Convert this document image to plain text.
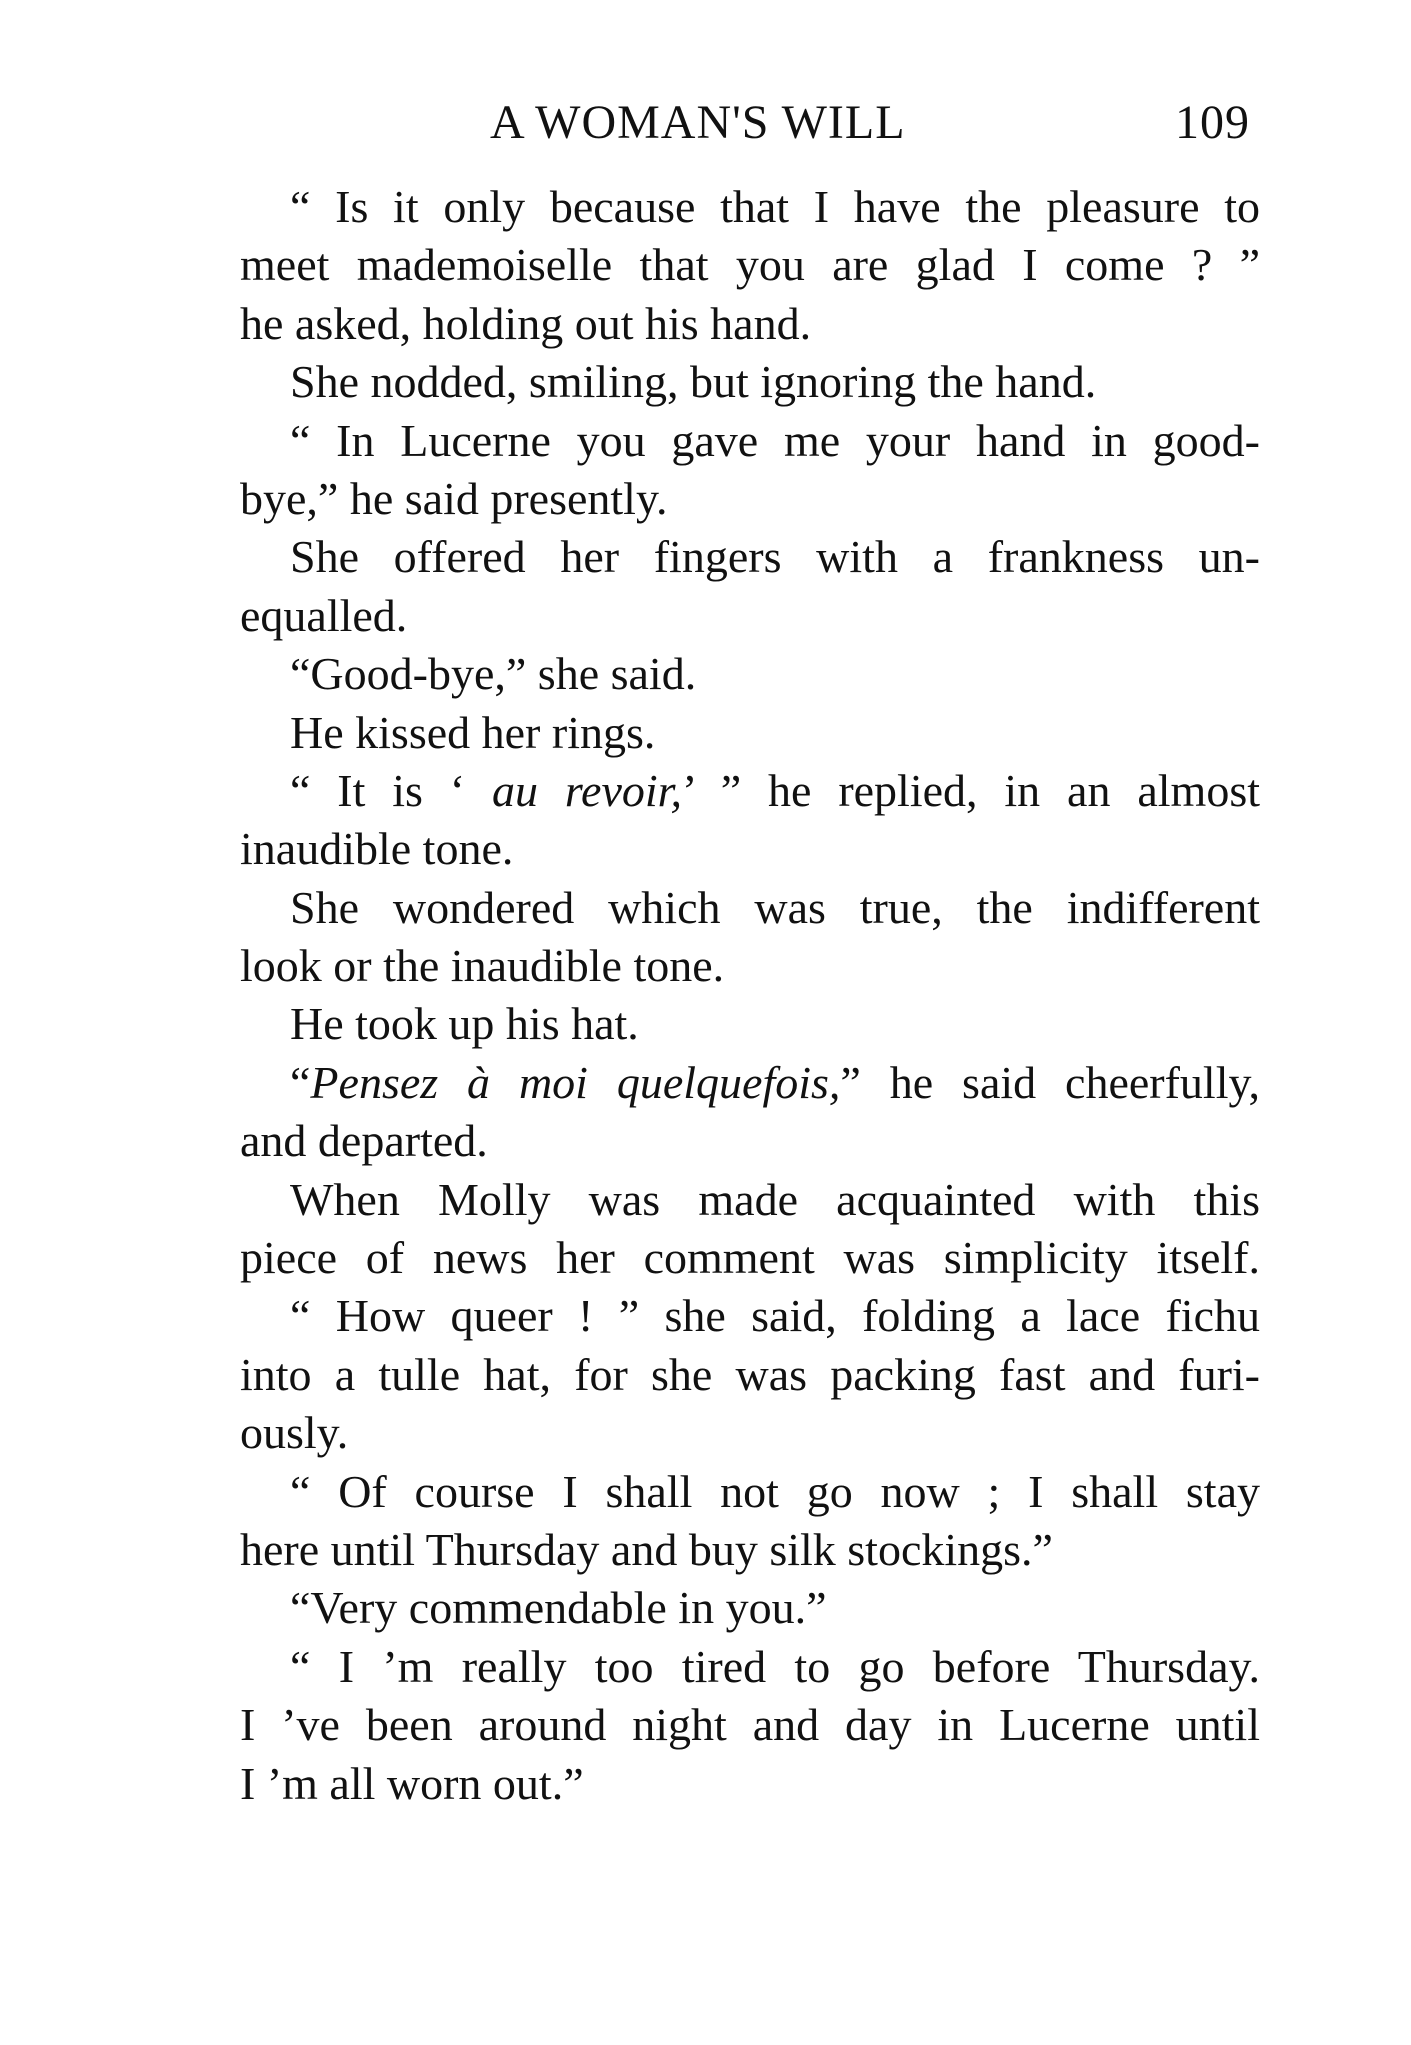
A WOMAN'S WILL	109
“ Is it only because that I have the pleasure to
meet mademoiselle that you are glad I come ? ”
he asked, holding out his hand.
She nodded, smiling, but ignoring the hand.
“ In Lucerne you gave me your hand in good-
bye,” he said presently.
She offered her fingers with a frankness un-
equalled.
“Good-bye,” she said.
He kissed her rings.
“ It is ‘ au revoir,’ ” he replied, in an almost
inaudible tone.
She wondered which was true, the indifferent
look or the inaudible tone.
He took up his hat.
“Pensez à moi quelquefois,” he said cheerfully,
and departed.
When Molly was made acquainted with this
piece of news her comment was simplicity itself.
“ How queer ! ” she said, folding a lace fichu
into a tulle hat, for she was packing fast and furi-
ously.
“ Of course I shall not go now ; I shall stay
here until Thursday and buy silk stockings.”
“Very commendable in you.”
“ I ’m really too tired to go before Thursday.
I ’ve been around night and day in Lucerne until
I ’m all worn out.”
